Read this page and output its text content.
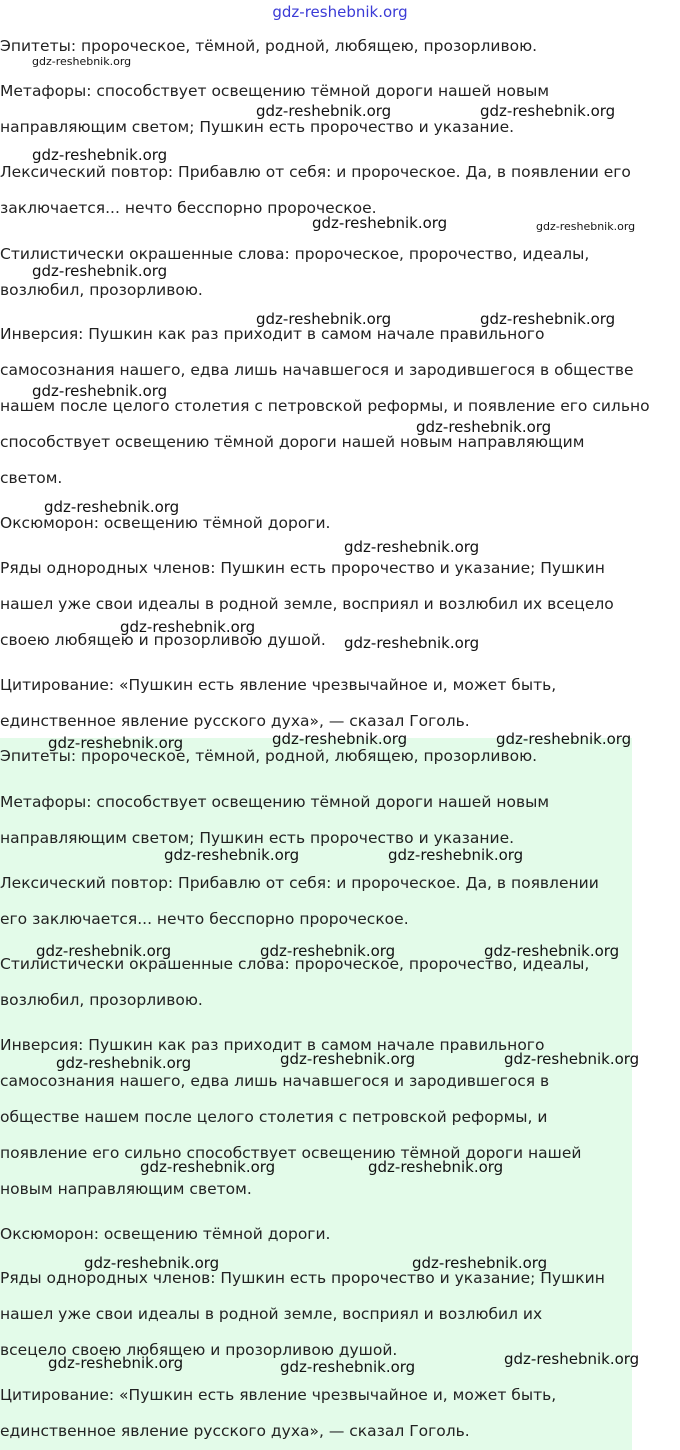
gdz-reshebnik.org

Эпитеты: пророческое, тёмной, родной, любящею, прозорливою.

Метафоры: способствует освещению тёмной дороги нашей новым
направляющим светом; Пушкин есть пророчество и указание.

Лексический повтор: Прибавлю от себя: и пророческое. Да, в появлении его
заключается... нечто бесспорно пророческое.

Стилистически окрашенные слова: пророческое, пророчество, идеалы,
возлюбил, прозорливою.

Инверсия: Пушкин как раз приходит в самом начале правильного
самосознания нашего, едва лишь начавшегося и зародившегося в обществе
нашем после целого столетия с петровской реформы, и появление его сильно
способствует освещению тёмной дороги нашей новым направляющим
светом.

Оксюморон: освещению тёмной дороги.

Ряды однородных членов: Пушкин есть пророчество и указание; Пушкин
нашел уже свои идеалы в родной земле, восприял и возлюбил их всецело
своею любящею и прозорливою душой.

Цитирование: «Пушкин есть явление чрезвычайное и, может быть,
единственное явление русского духа», — сказал Гоголь.

Эпитеты: пророческое, тёмной, родной, любящею, прозорливою.

Метафоры: способствует освещению тёмной дороги нашей новым
направляющим светом; Пушкин есть пророчество и указание.

Лексический повтор: Прибавлю от себя: и пророческое. Да, в появлении
его заключается... нечто бесспорно пророческое.

Стилистически окрашенные слова: пророческое, пророчество, идеалы,
возлюбил, прозорливою.

Инверсия: Пушкин как раз приходит в самом начале правильного
самосознания нашего, едва лишь начавшегося и зародившегося в
обществе нашем после целого столетия с петровской реформы, и
появление его сильно способствует освещению тёмной дороги нашей
новым направляющим светом.

Оксюморон: освещению тёмной дороги.

Ряды однородных членов: Пушкин есть пророчество и указание; Пушкин
нашел уже свои идеалы в родной земле, восприял и возлюбил их
всецело своею любящею и прозорливою душой.

Цитирование: «Пушкин есть явление чрезвычайное и, может быть,
единственное явление русского духа», — сказал Гоголь.

gdz-reshebnik.org
gdz-reshebnik.org	gdz-reshebnik.org
gdz-reshebnik.org
gdz-reshebnik.org	gdz-reshebnik.org
gdz-reshebnik.org
gdz-reshebnik.org	gdz-reshebnik.org
gdz-reshebnik.org
gdz-reshebnik.org
gdz-reshebnik.org
gdz-reshebnik.org
gdz-reshebnik.org
gdz-reshebnik.org
gdz-reshebnik.org	gdz-reshebnik.org	gdz-reshebnik.org
gdz-reshebnik.org	gdz-reshebnik.org
gdz-reshebnik.org	gdz-reshebnik.org	gdz-reshebnik.org
gdz-reshebnik.org	gdz-reshebnik.org	gdz-reshebnik.org
gdz-reshebnik.org	gdz-reshebnik.org
gdz-reshebnik.org	gdz-reshebnik.org
gdz-reshebnik.org	gdz-reshebnik.org	gdz-reshebnik.org
